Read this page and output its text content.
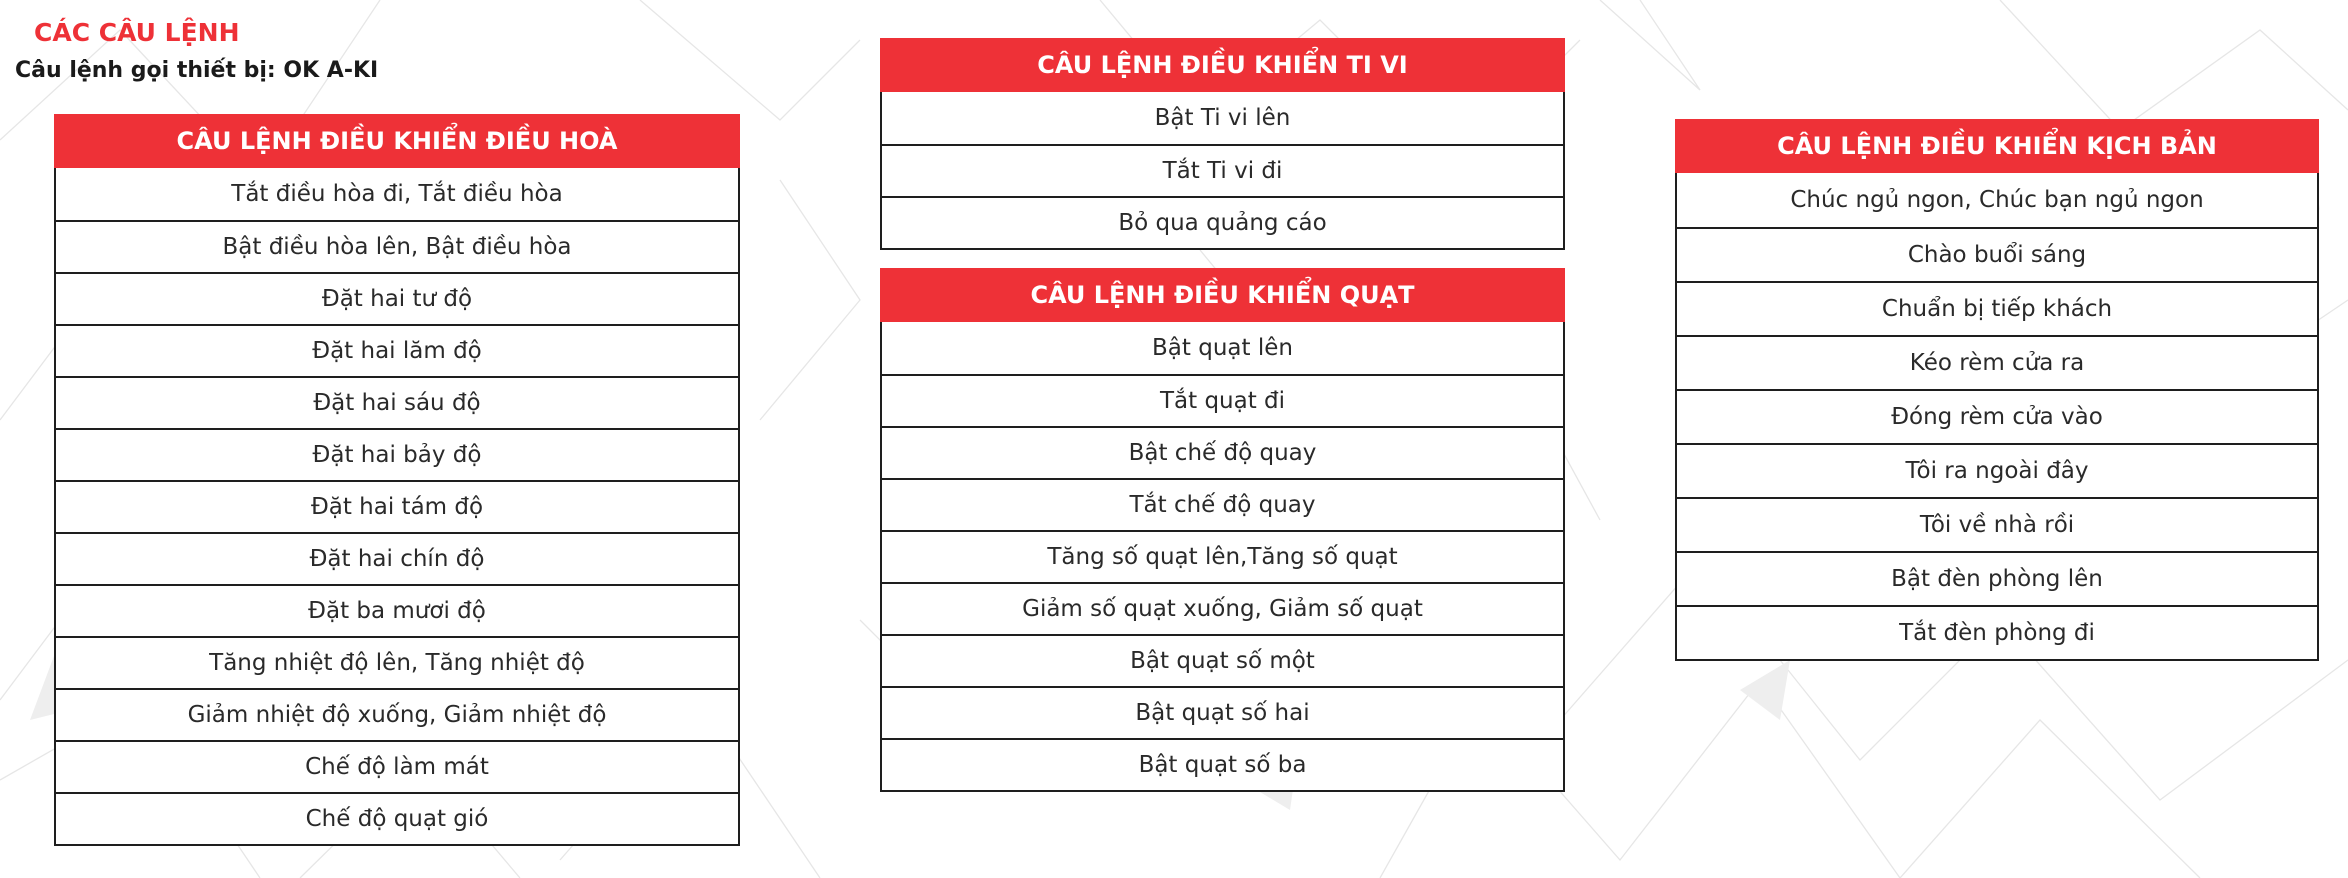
CÁC CÂU LỆNH
Câu lệnh gọi thiết bị: OK A-KI
CÂU LỆNH ĐIỀU KHIỂN ĐIỀU HOÀ
Tắt điều hòa đi, Tắt điều hòa
Bật điều hòa lên, Bật điều hòa
Đặt hai tư độ
Đặt hai lăm độ
Đặt hai sáu độ
Đặt hai bảy độ
Đặt hai tám độ
Đặt hai chín độ
Đặt ba mươi độ
Tăng nhiệt độ lên, Tăng nhiệt độ
Giảm nhiệt độ xuống, Giảm nhiệt độ
Chế độ làm mát
Chế độ quạt gió
CÂU LỆNH ĐIỀU KHIỂN TI VI
Bật Ti vi lên
Tắt Ti vi đi
Bỏ qua quảng cáo
CÂU LỆNH ĐIỀU KHIỂN QUẠT
Bật quạt lên
Tắt quạt đi
Bật chế độ quay
Tắt chế độ quay
Tăng số quạt lên,Tăng số quạt
Giảm số quạt xuống, Giảm số quạt
Bật quạt số một
Bật quạt số hai
Bật quạt số ba
CÂU LỆNH ĐIỀU KHIỂN KỊCH BẢN
Chúc ngủ ngon, Chúc bạn ngủ ngon
Chào buổi sáng
Chuẩn bị tiếp khách
Kéo rèm cửa ra
Đóng rèm cửa vào
Tôi ra ngoài đây
Tôi về nhà rồi
Bật đèn phòng lên
Tắt đèn phòng đi
